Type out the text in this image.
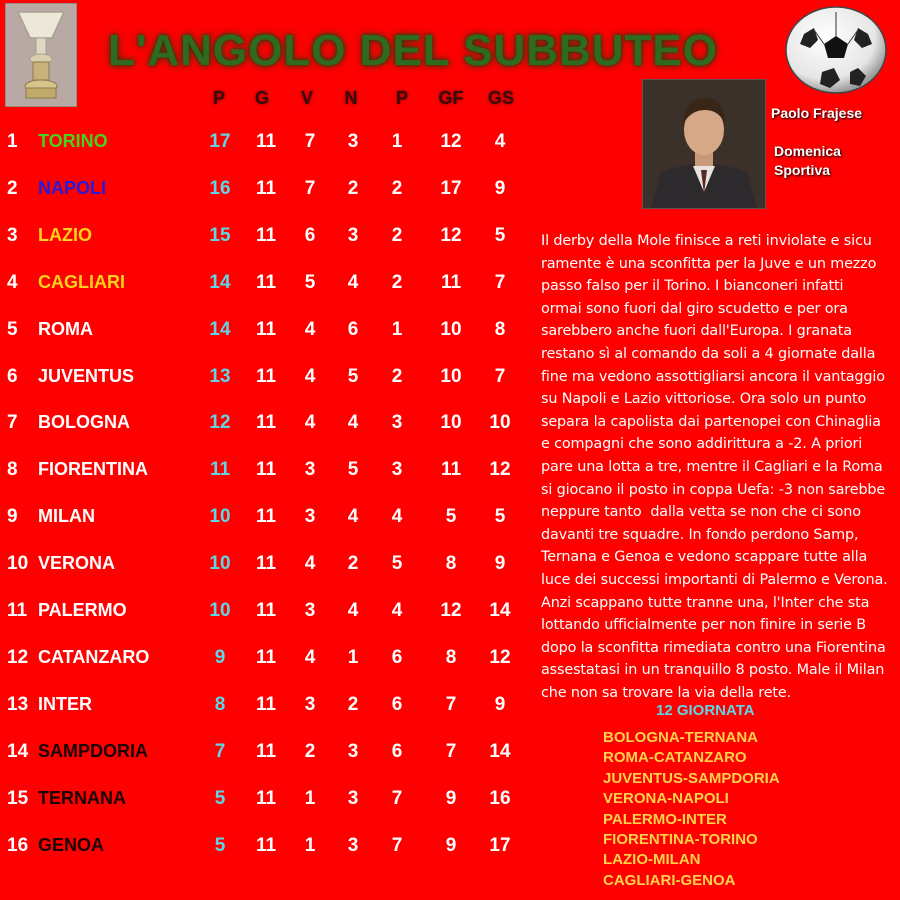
L'ANGOLO DEL SUBBUTEO
P G V N P GF GS
1 TORINO	17 11 7 3 1 12 4
2 NAPOLI	16 11 7 2 2 17 9
3 LAZIO	15 11 6 3 2 12 5
4 CAGLIARI	14 11 5 4 2 11 7
5 ROMA	14 11 4 6 1 10 8
6 JUVENTUS	13 11 4 5 2 10 7
7 BOLOGNA	12 11 4 4 3 10 10
8 FIORENTINA	11 11 3 5 3 11 12
9 MILAN	10 11 3 4 4 5 5
10 VERONA	10 11 4 2 5 8 9
11 PALERMO	10 11 3 4 4 12 14
12 CATANZARO	9 11 4 1 6 8 12
13 INTER	8 11 3 2 6 7 9
14 SAMPDORIA	7 11 2 3 6 7 14
15 TERNANA	5 11 1 3 7 9 16
16 GENOA	5 11 1 3 7 9 17
Paolo Frajese
Domenica
Sportiva
Il derby della Mole finisce a reti inviolate e sicu
ramente è una sconfitta per la Juve e un mezzo
passo falso per il Torino. I bianconeri infatti
ormai sono fuori dal giro scudetto e per ora
sarebbero anche fuori dall'Europa. I granata
restano sì al comando da soli a 4 giornate dalla
fine ma vedono assottigliarsi ancora il vantaggio
su Napoli e Lazio vittoriose. Ora solo un punto
separa la capolista dai partenopei con Chinaglia
e compagni che sono addirittura a -2. A priori
pare una lotta a tre, mentre il Cagliari e la Roma
si giocano il posto in coppa Uefa: -3 non sarebbe
neppure tanto  dalla vetta se non che ci sono
davanti tre squadre. In fondo perdono Samp,
Ternana e Genoa e vedono scappare tutte alla
luce dei successi importanti di Palermo e Verona.
Anzi scappano tutte tranne una, l'Inter che sta
lottando ufficialmente per non finire in serie B
dopo la sconfitta rimediata contro una Fiorentina
assestatasi in un tranquillo 8 posto. Male il Milan
che non sa trovare la via della rete.
12 GIORNATA
BOLOGNA-TERNANA
ROMA-CATANZARO
JUVENTUS-SAMPDORIA
VERONA-NAPOLI
PALERMO-INTER
FIORENTINA-TORINO
LAZIO-MILAN
CAGLIARI-GENOA
